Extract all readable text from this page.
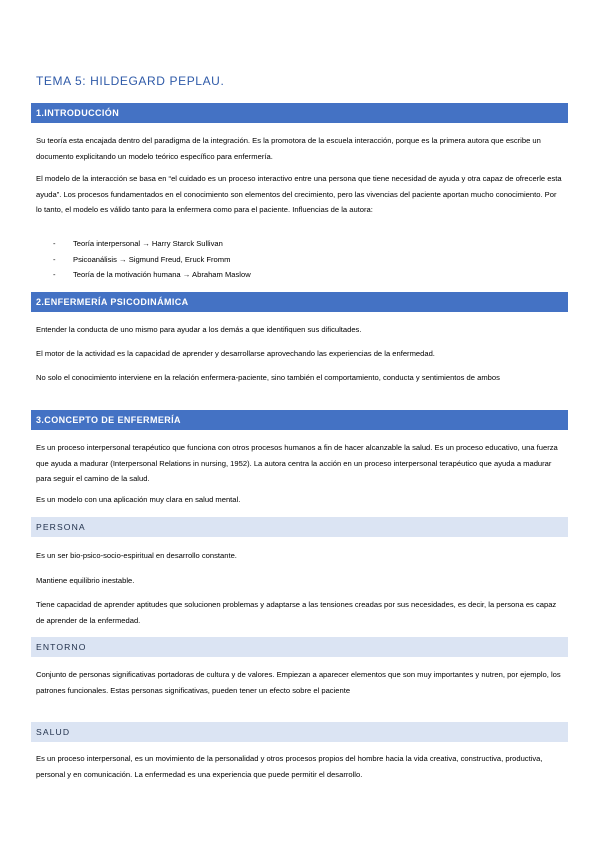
TEMA 5: HILDEGARD PEPLAU.
1.INTRODUCCIÓN

Su teoría esta encajada dentro del paradigma de la integración. Es la promotora de la escuela interacción, porque es la primera autora que escribe un documento explicitando un modelo teórico específico para enfermería.

El modelo de la interacción se basa en “el cuidado es un proceso interactivo entre una persona que tiene necesidad de ayuda y otra capaz de ofrecerle esta ayuda”. Los procesos fundamentados en el conocimiento son elementos del crecimiento, pero las vivencias del paciente aportan mucho conocimiento. Por lo tanto, el modelo es válido tanto para la enfermera como para el paciente. Influencias de la autora:

- Teoría interpersonal → Harry Starck Sullivan
- Psicoanálisis → Sigmund Freud, Eruck Fromm
- Teoría de la motivación humana → Abraham Maslow
2.ENFERMERÍA PSICODINÁMICA

Entender la conducta de uno mismo para ayudar a los demás a que identifiquen sus dificultades.

El motor de la actividad es la capacidad de aprender y desarrollarse aprovechando las experiencias de la enfermedad.

No solo el conocimiento interviene en la relación enfermera-paciente, sino también el comportamiento, conducta y sentimientos de ambos

3.CONCEPTO DE ENFERMERÍA

Es un proceso interpersonal terapéutico que funciona con otros procesos humanos a fin de hacer alcanzable la salud. Es un proceso educativo, una fuerza que ayuda a madurar (Interpersonal Relations in nursing, 1952). La autora centra la acción en un proceso interpersonal terapéutico que ayuda a madurar para seguir el camino de la salud.

Es un modelo con una aplicación muy clara en salud mental.

PERSONA

Es un ser bio-psico-socio-espiritual en desarrollo constante.

Mantiene equilibrio inestable.

Tiene capacidad de aprender aptitudes que solucionen problemas y adaptarse a las tensiones creadas por sus necesidades, es decir, la persona es capaz de aprender de la enfermedad.

ENTORNO

Conjunto de personas significativas portadoras de cultura y de valores. Empiezan a aparecer elementos que son muy importantes y nutren, por ejemplo, los patrones funcionales. Estas personas significativas, pueden tener un efecto sobre el paciente

SALUD

Es un proceso interpersonal, es un movimiento de la personalidad y otros procesos propios del hombre hacia la vida creativa, constructiva, productiva, personal y en comunicación. La enfermedad es una experiencia que puede permitir el desarrollo.
